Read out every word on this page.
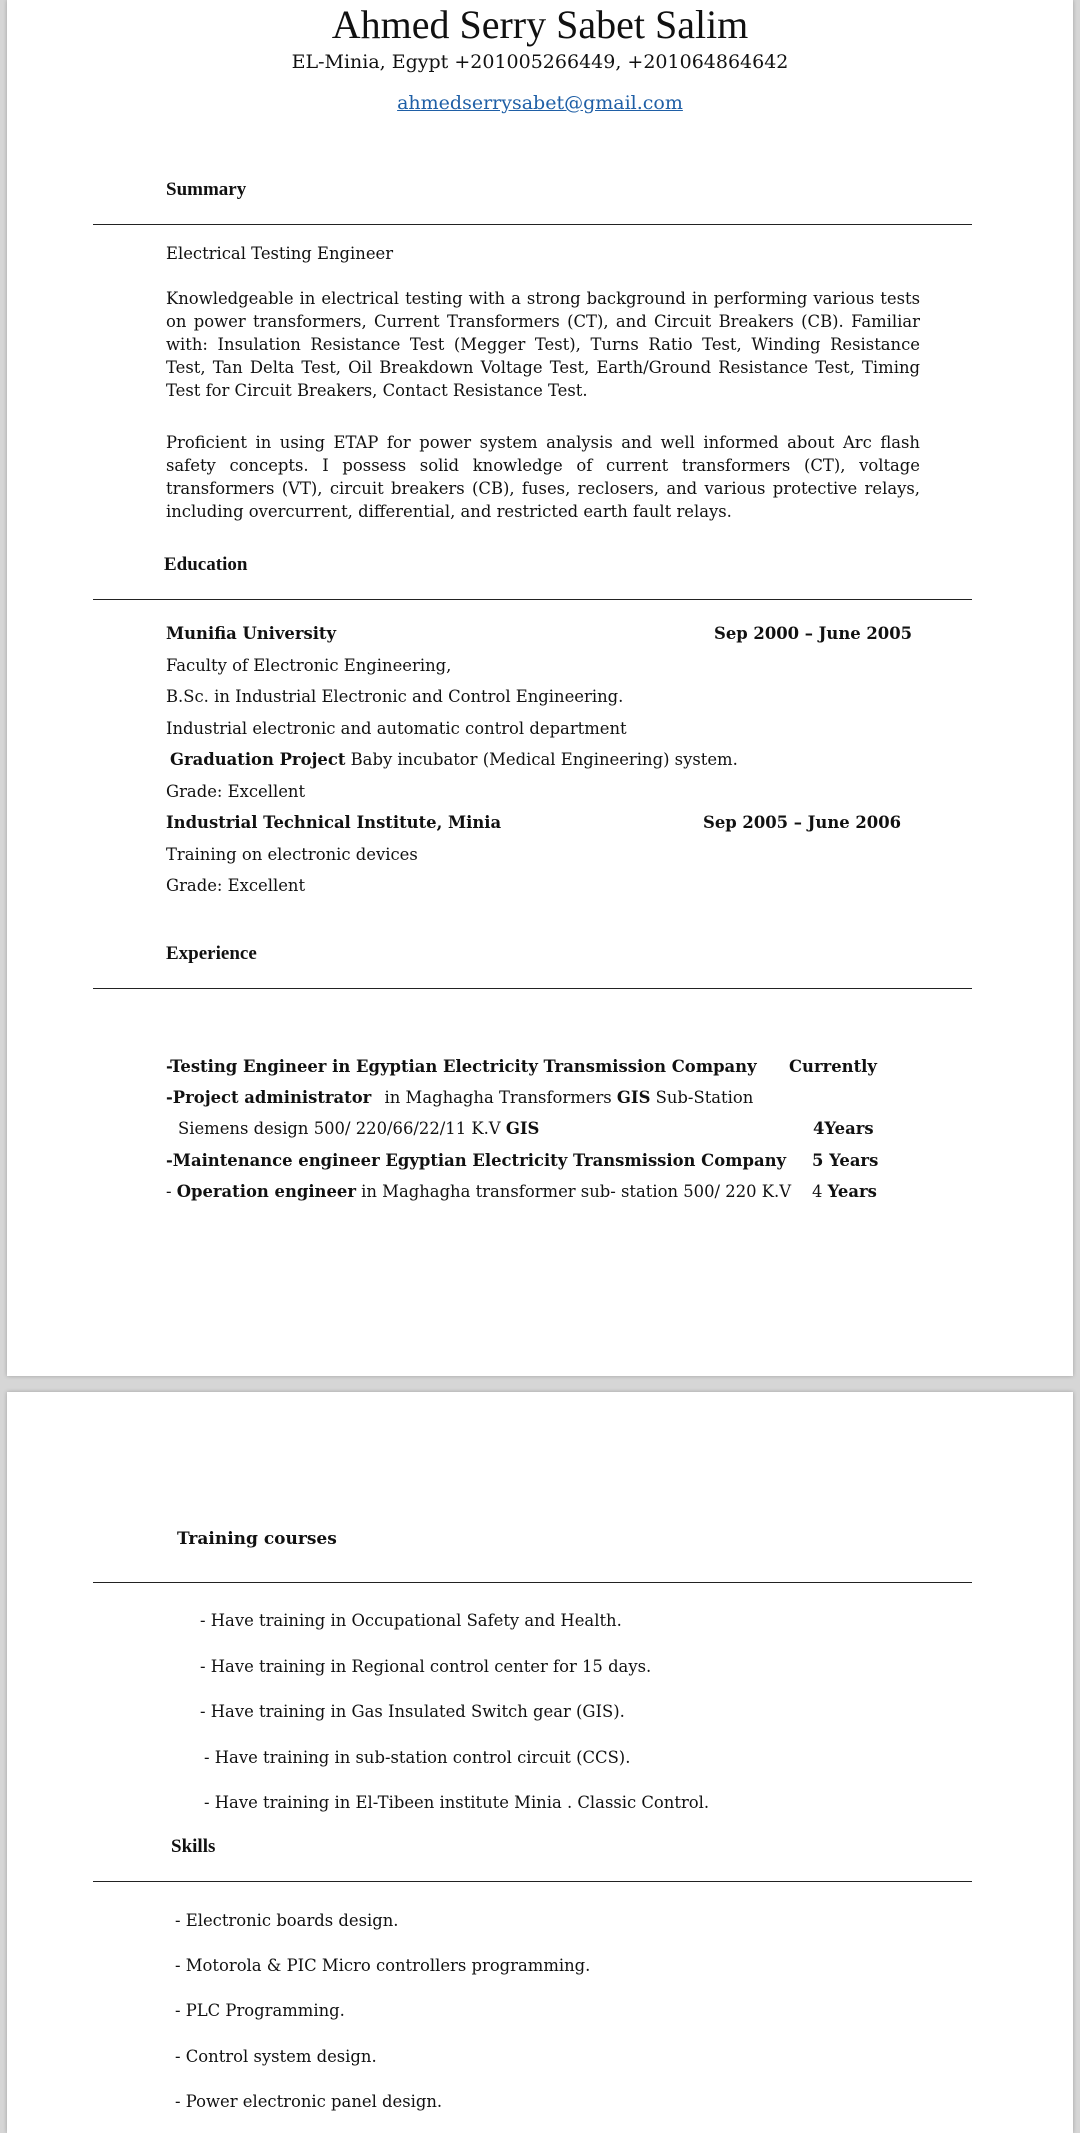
Ahmed Serry Sabet Salim
EL-Minia, Egypt +201005266449, +201064864642
ahmedserrysabet@gmail.com
Summary
Electrical Testing Engineer
Knowledgeable in electrical testing with a strong background in performing various tests on power transformers, Current Transformers (CT), and Circuit Breakers (CB). Familiar with: Insulation Resistance Test (Megger Test), Turns Ratio Test, Winding Resistance Test, Tan Delta Test, Oil Breakdown Voltage Test, Earth/Ground Resistance Test, Timing Test for Circuit Breakers, Contact Resistance Test.
Proficient in using ETAP for power system analysis and well informed about Arc flash safety concepts. I possess solid knowledge of current transformers (CT), voltage transformers (VT), circuit breakers (CB), fuses, reclosers, and various protective relays, including overcurrent, differential, and restricted earth fault relays.
Education
Munifia University	Sep 2000 – June 2005
Faculty of Electronic Engineering,
B.Sc. in Industrial Electronic and Control Engineering.
Industrial electronic and automatic control department
Graduation Project Baby incubator (Medical Engineering) system.
Grade: Excellent
Industrial Technical Institute, Minia	Sep 2005 – June 2006
Training on electronic devices
Grade: Excellent
Experience
-Testing Engineer in Egyptian Electricity Transmission Company Currently
-Project administrator in Maghagha Transformers GIS Sub-Station
Siemens design 500/ 220/66/22/11 K.V GIS	4Years
-Maintenance engineer Egyptian Electricity Transmission Company 5 Years
- Operation engineer in Maghagha transformer sub- station 500/ 220 K.V 4 Years
Training courses
- Have training in Occupational Safety and Health.
- Have training in Regional control center for 15 days.
- Have training in Gas Insulated Switch gear (GIS).
- Have training in sub-station control circuit (CCS).
- Have training in El-Tibeen institute Minia . Classic Control.
Skills
- Electronic boards design.
- Motorola & PIC Micro controllers programming.
- PLC Programming.
- Control system design.
- Power electronic panel design.
